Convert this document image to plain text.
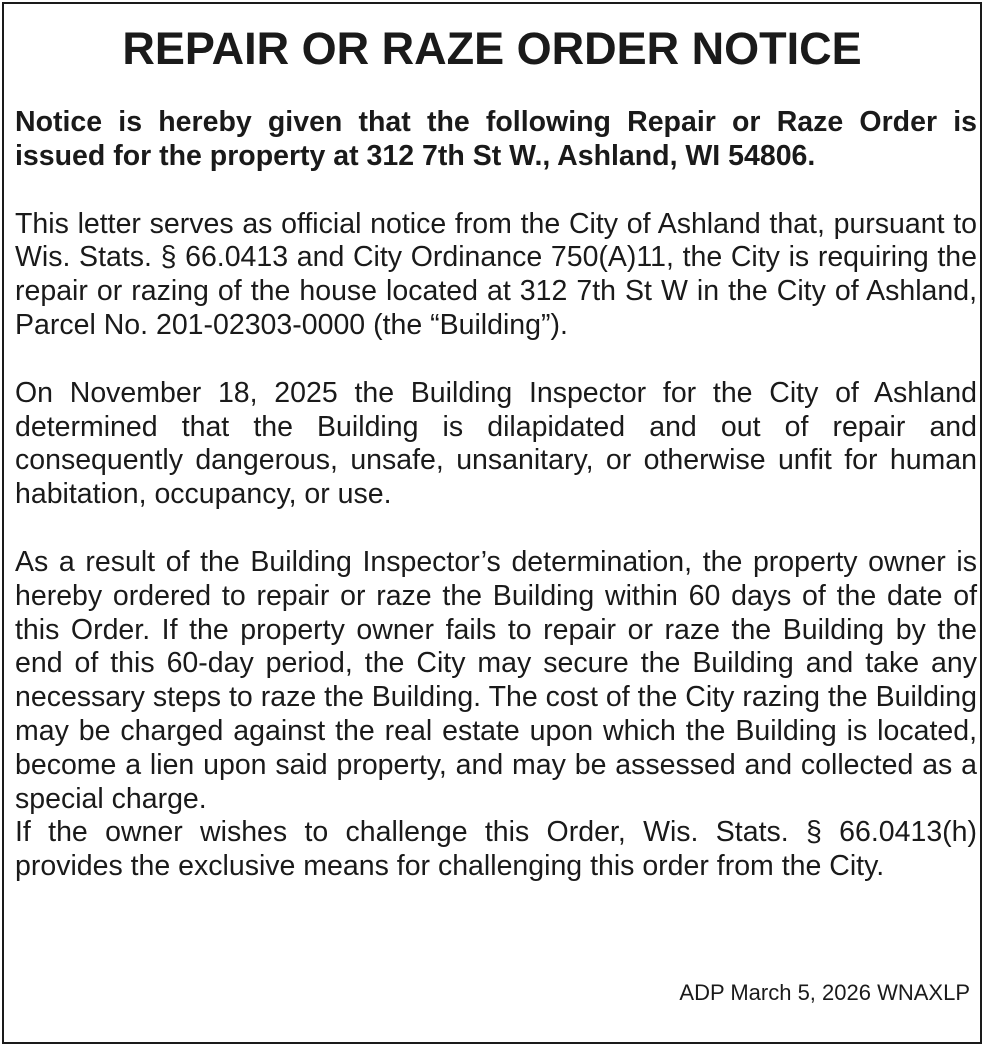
REPAIR OR RAZE ORDER NOTICE

Notice is hereby given that the following Repair or Raze Order is issued for the property at 312 7th St W., Ashland, WI 54806.

This letter serves as official notice from the City of Ashland that, pursuant to Wis. Stats. § 66.0413 and City Ordinance 750(A)11, the City is requiring the repair or razing of the house located at 312 7th St W in the City of Ashland, Parcel No. 201-02303-0000 (the “Building”).

On November 18, 2025 the Building Inspector for the City of Ashland determined that the Building is dilapidated and out of repair and consequently dangerous, unsafe, unsanitary, or otherwise unfit for human habitation, occupancy, or use.

As a result of the Building Inspector’s determination, the property owner is hereby ordered to repair or raze the Building within 60 days of the date of this Order. If the property owner fails to repair or raze the Building by the end of this 60-day period, the City may secure the Building and take any necessary steps to raze the Building. The cost of the City razing the Building may be charged against the real estate upon which the Building is located, become a lien upon said property, and may be assessed and collected as a special charge.

If the owner wishes to challenge this Order, Wis. Stats. § 66.0413(h) provides the exclusive means for challenging this order from the City.

ADP March 5, 2026 WNAXLP
